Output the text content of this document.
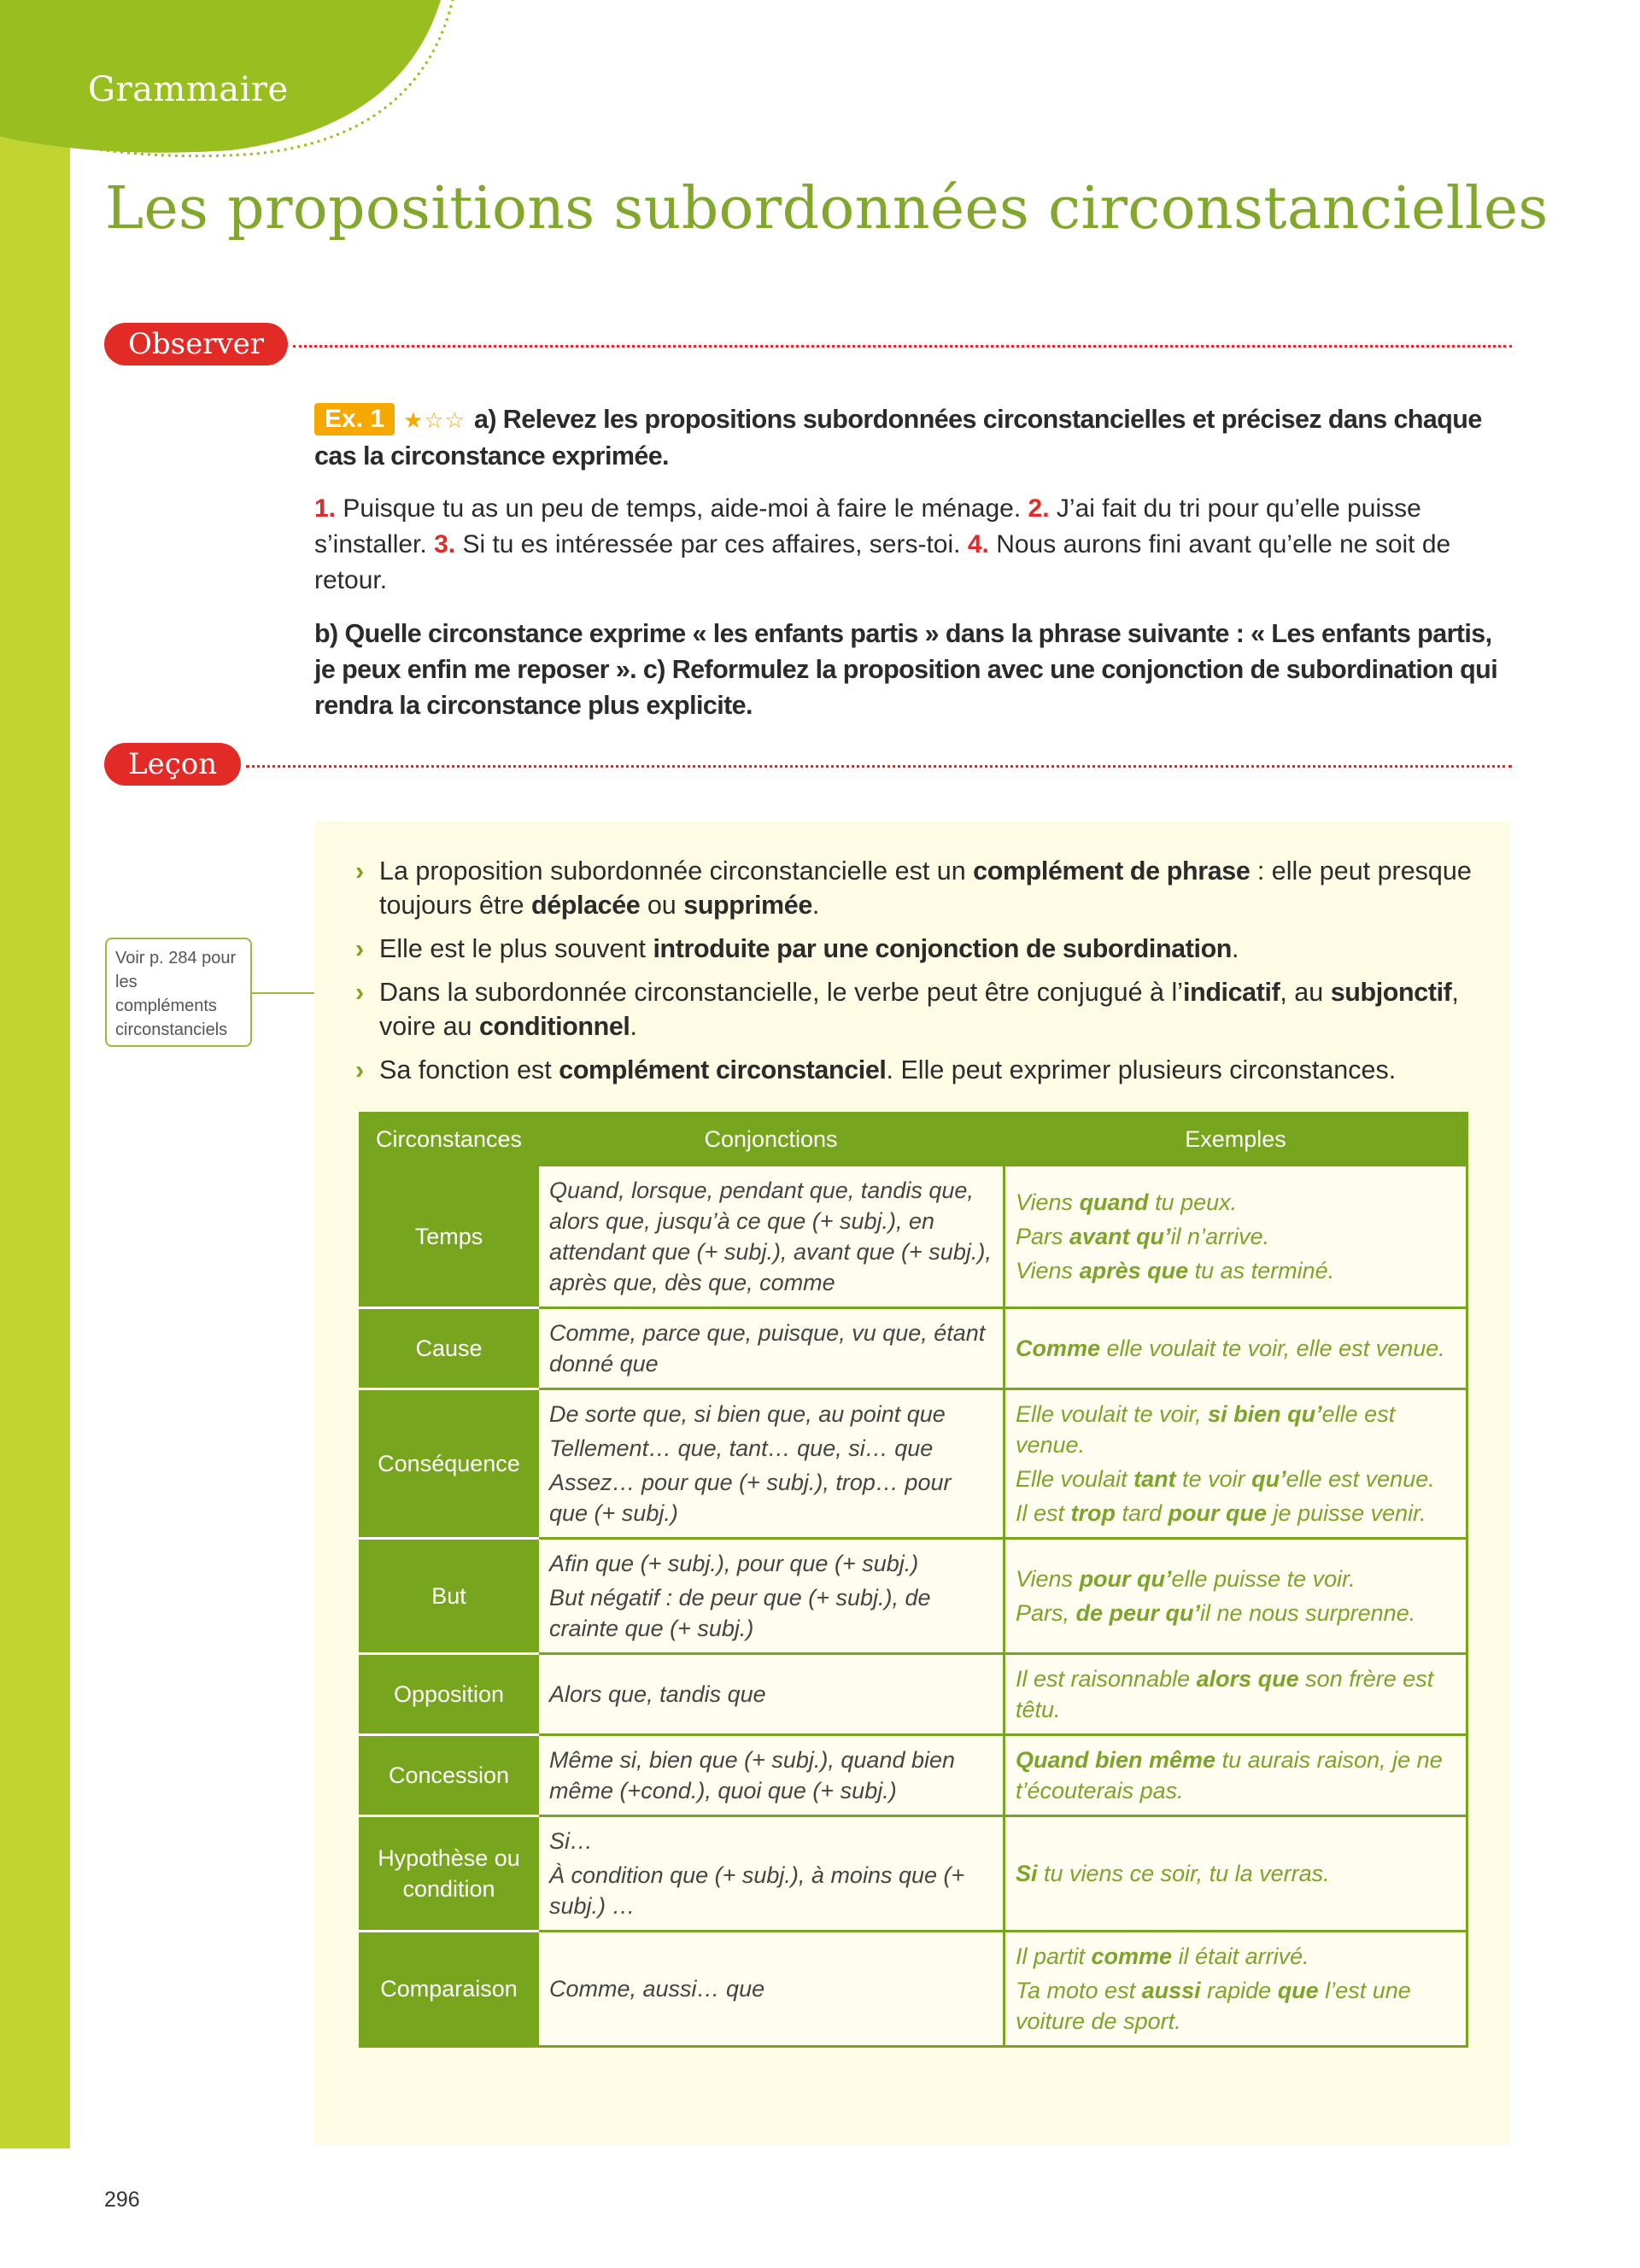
Grammaire
Les propositions subordonnées circonstancielles
Observer

Ex. 1 ★☆☆ a) Relevez les propositions subordonnées circonstancielles et précisez dans chaque cas la circonstance exprimée.

1. Puisque tu as un peu de temps, aide-moi à faire le ménage. 2. J’ai fait du tri pour qu’elle puisse s’installer. 3. Si tu es intéressée par ces affaires, sers-toi. 4. Nous aurons fini avant qu’elle ne soit de retour.

b) Quelle circonstance exprime « les enfants partis » dans la phrase suivante : « Les enfants partis, je peux enfin me reposer ». c) Reformulez la proposition avec une conjonction de subordination qui rendra la circonstance plus explicite.

Leçon
Voir p. 284 pour les compléments circonstanciels
› La proposition subordonnée circonstancielle est un complément de phrase : elle peut presque toujours être déplacée ou supprimée.
› Elle est le plus souvent introduite par une conjonction de subordination.
› Dans la subordonnée circonstancielle, le verbe peut être conjugué à l’indicatif, au subjonctif, voire au conditionnel.
› Sa fonction est complément circonstanciel. Elle peut exprimer plusieurs circonstances.
Circonstances	Conjonctions	Exemples
Temps	Quand, lorsque, pendant que, tandis que, alors que, jusqu’à ce que (+ subj.), en attendant que (+ subj.), avant que (+ subj.), après que, dès que, comme	Viens quand tu peux.
Pars avant qu’il n’arrive.
Viens après que tu as terminé.

Cause	Comme, parce que, puisque, vu que, étant donné que	Comme elle voulait te voir, elle est venue.

Conséquence	De sorte que, si bien que, au point que
Tellement… que, tant… que, si… que
Assez… pour que (+ subj.), trop… pour que (+ subj.)	Elle voulait te voir, si bien qu’elle est venue.
Elle voulait tant te voir qu’elle est venue.
Il est trop tard pour que je puisse venir.

But	Afin que (+ subj.), pour que (+ subj.)
But négatif : de peur que (+ subj.), de crainte que (+ subj.)	Viens pour qu’elle puisse te voir.
Pars, de peur qu’il ne nous surprenne.

Opposition	Alors que, tandis que	Il est raisonnable alors que son frère est têtu.

Concession	Même si, bien que (+ subj.), quand bien même (+cond.), quoi que (+ subj.)	Quand bien même tu aurais raison, je ne t’écouterais pas.

Hypothèse ou condition	Si…
À condition que (+ subj.), à moins que (+ subj.) …	Si tu viens ce soir, tu la verras.

Comparaison	Comme, aussi… que	Il partit comme il était arrivé.
Ta moto est aussi rapide que l’est une voiture de sport.
296
